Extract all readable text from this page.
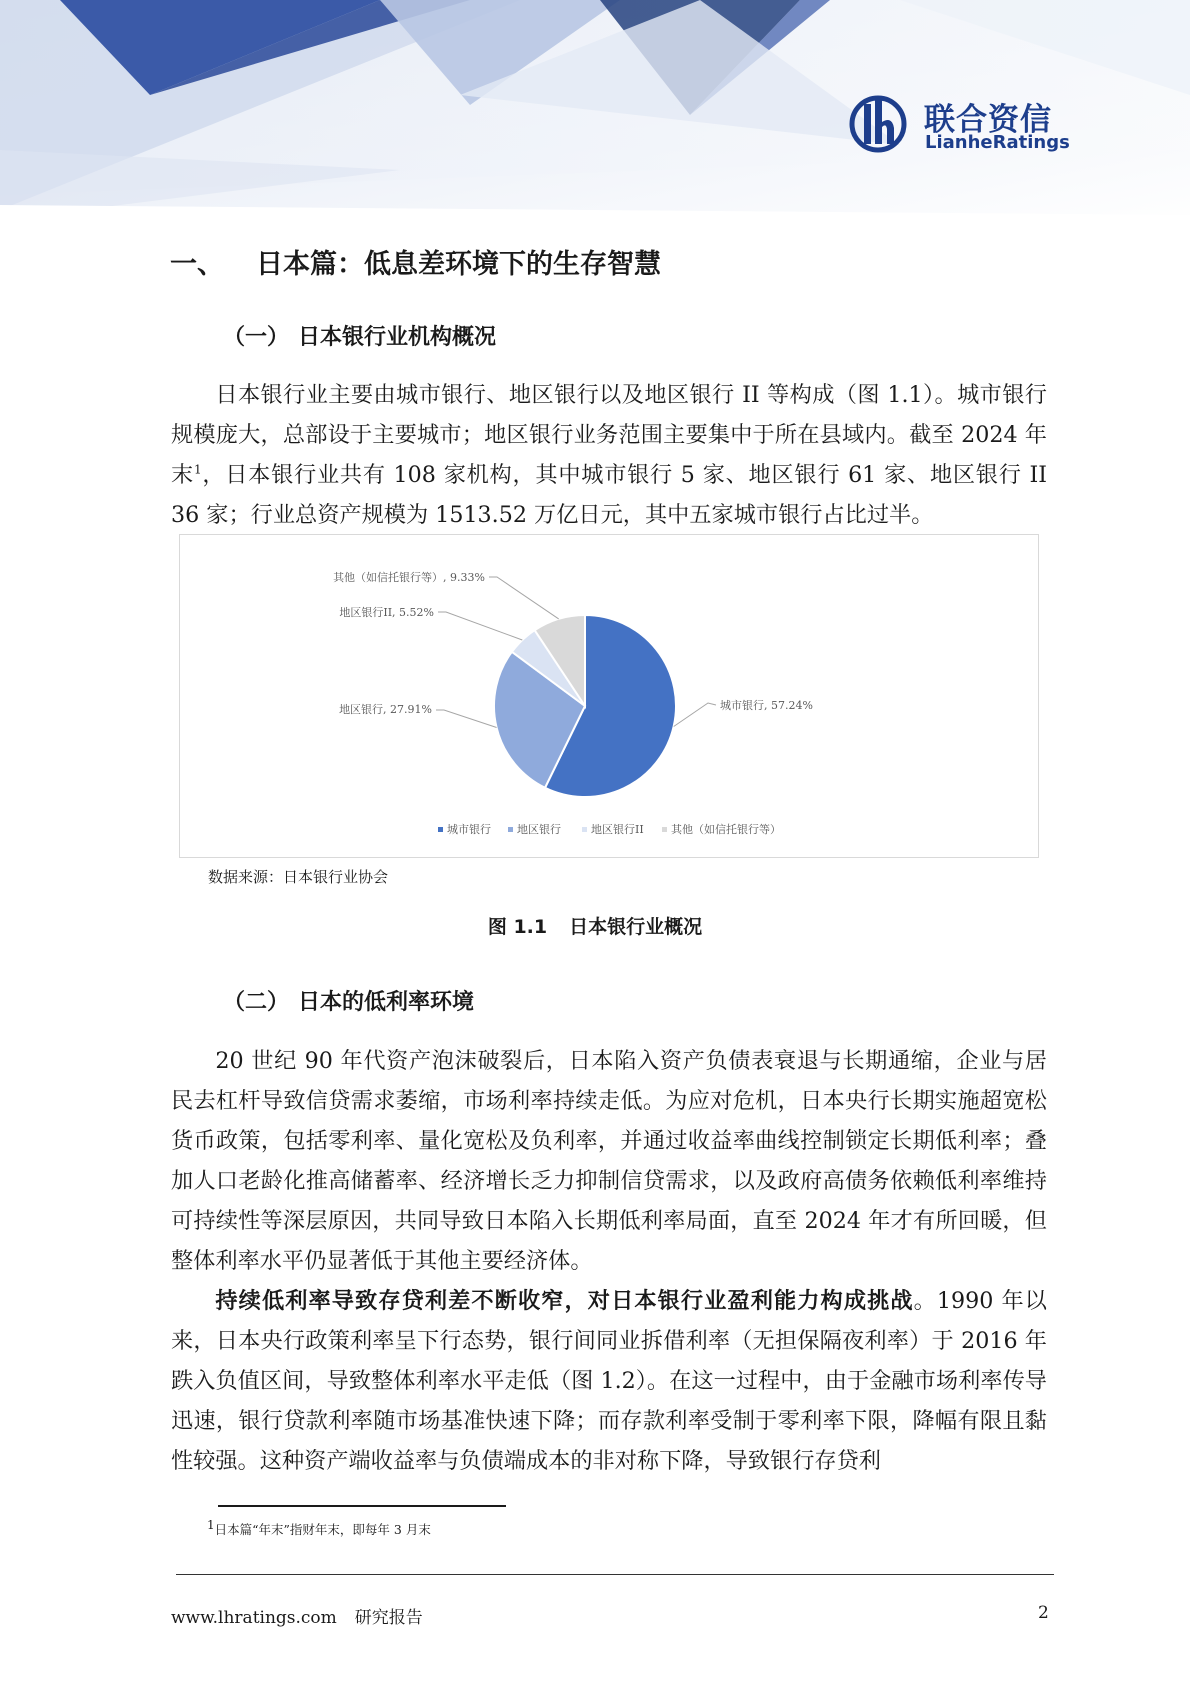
联合资信
LianheRatings
一、 日本篇：低息差环境下的生存智慧
（一） 日本银行业机构概况

日本银行业主要由城市银行、地区银行以及地区银行 II 等构成（图 1.1）。城市银行规模庞大，总部设于主要城市；地区银行业务范围主要集中于所在县域内。截至 2024 年末$^1$，日本银行业共有 108 家机构，其中城市银行 5 家、地区银行 61 家、地区银行 II 36 家；行业总资产规模为 1513.52 万亿日元，其中五家城市银行占比过半。

城市银行, 57.24%
地区银行, 27.91%
地区银行II, 5.52%
其他（如信托银行等）, 9.33%
城市银行 地区银行	地区银行II 其他（如信托银行等）
数据来源：日本银行业协会
图 1.1 日本银行业概况
（二） 日本的低利率环境

20 世纪 90 年代资产泡沫破裂后，日本陷入资产负债表衰退与长期通缩，企业与居民去杠杆导致信贷需求萎缩，市场利率持续走低。为应对危机，日本央行长期实施超宽松货币政策，包括零利率、量化宽松及负利率，并通过收益率曲线控制锁定长期低利率；叠加人口老龄化推高储蓄率、经济增长乏力抑制信贷需求，以及政府高债务依赖低利率维持可持续性等深层原因，共同导致日本陷入长期低利率局面，直至 2024 年才有所回暖，但整体利率水平仍显著低于其他主要经济体。

持续低利率导致存贷利差不断收窄，对日本银行业盈利能力构成挑战。1990 年以来，日本央行政策利率呈下行态势，银行间同业拆借利率（无担保隔夜利率）于 2016 年跌入负值区间，导致整体利率水平走低（图 1.2）。在这一过程中，由于金融市场利率传导迅速，银行贷款利率随市场基准快速下降；而存款利率受制于零利率下限，降幅有限且黏性较强。这种资产端收益率与负债端成本的非对称下降，导致银行存贷利

$^1$日本篇“年末”指财年末，即每年 3 月末
www.lhratings.com 研究报告	2
